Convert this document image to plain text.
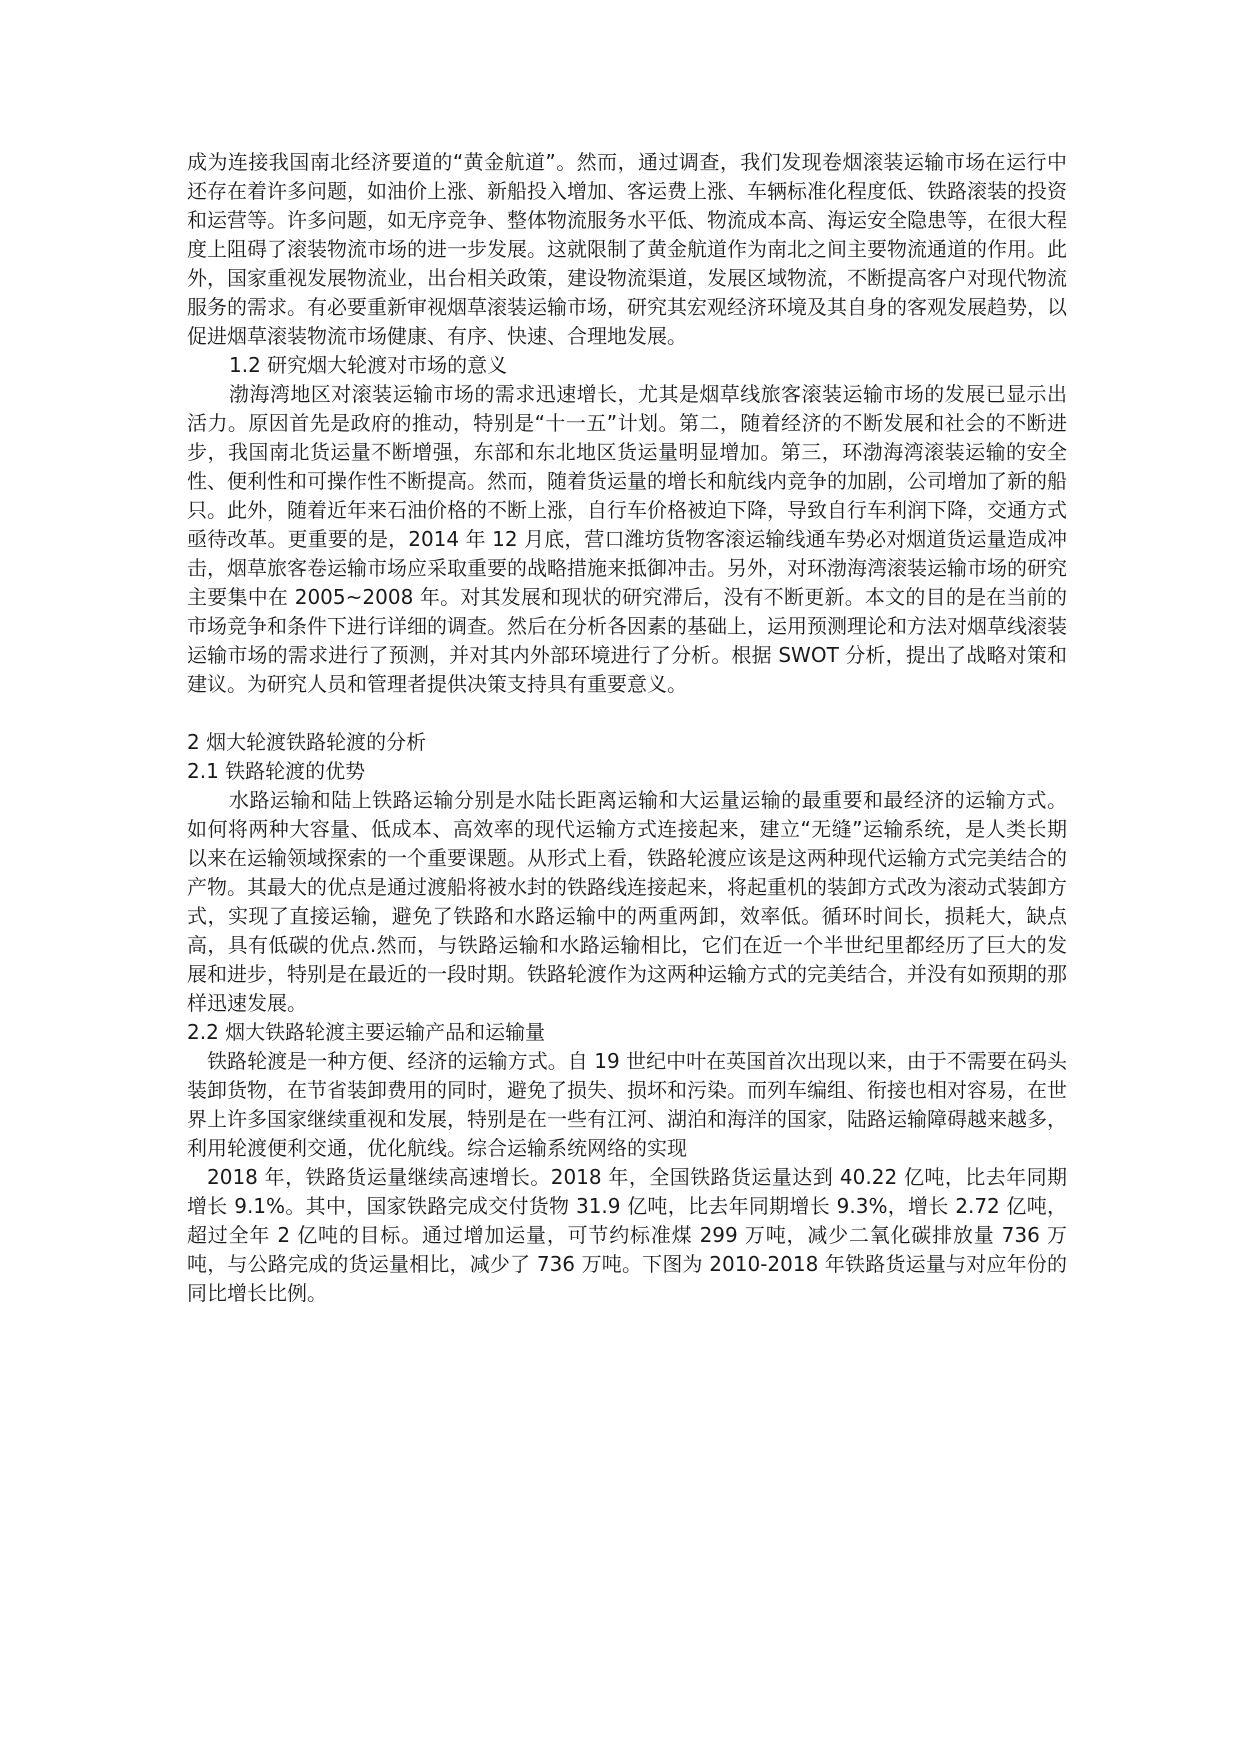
成为连接我国南北经济要道的“黄金航道”。然而，通过调查，我们发现卷烟滚装运输市场在运行中还存在着许多问题，如油价上涨、新船投入增加、客运费上涨、车辆标准化程度低、铁路滚装的投资和运营等。许多问题，如无序竞争、整体物流服务水平低、物流成本高、海运安全隐患等，在很大程度上阻碍了滚装物流市场的进一步发展。这就限制了黄金航道作为南北之间主要物流通道的作用。此外，国家重视发展物流业，出台相关政策，建设物流渠道，发展区域物流，不断提高客户对现代物流服务的需求。有必要重新审视烟草滚装运输市场，研究其宏观经济环境及其自身的客观发展趋势，以促进烟草滚装物流市场健康、有序、快速、合理地发展。

1.2 研究烟大轮渡对市场的意义

渤海湾地区对滚装运输市场的需求迅速增长，尤其是烟草线旅客滚装运输市场的发展已显示出活力。原因首先是政府的推动，特别是“十一五”计划。第二，随着经济的不断发展和社会的不断进步，我国南北货运量不断增强，东部和东北地区货运量明显增加。第三，环渤海湾滚装运输的安全性、便利性和可操作性不断提高。然而，随着货运量的增长和航线内竞争的加剧，公司增加了新的船只。此外，随着近年来石油价格的不断上涨，自行车价格被迫下降，导致自行车利润下降，交通方式亟待改革。更重要的是，2014 年 12 月底，营口潍坊货物客滚运输线通车势必对烟道货运量造成冲击，烟草旅客卷运输市场应采取重要的战略措施来抵御冲击。另外，对环渤海湾滚装运输市场的研究主要集中在 2005~2008 年。对其发展和现状的研究滞后，没有不断更新。本文的目的是在当前的市场竞争和条件下进行详细的调查。然后在分析各因素的基础上，运用预测理论和方法对烟草线滚装运输市场的需求进行了预测，并对其内外部环境进行了分析。根据 SWOT 分析，提出了战略对策和建议。为研究人员和管理者提供决策支持具有重要意义。

2 烟大轮渡铁路轮渡的分析

2.1 铁路轮渡的优势

水路运输和陆上铁路运输分别是水陆长距离运输和大运量运输的最重要和最经济的运输方式。如何将两种大容量、低成本、高效率的现代运输方式连接起来，建立“无缝”运输系统，是人类长期以来在运输领域探索的一个重要课题。从形式上看，铁路轮渡应该是这两种现代运输方式完美结合的产物。其最大的优点是通过渡船将被水封的铁路线连接起来，将起重机的装卸方式改为滚动式装卸方式，实现了直接运输，避免了铁路和水路运输中的两重两卸，效率低。循环时间长，损耗大，缺点高，具有低碳的优点.然而，与铁路运输和水路运输相比，它们在近一个半世纪里都经历了巨大的发展和进步，特别是在最近的一段时期。铁路轮渡作为这两种运输方式的完美结合，并没有如预期的那样迅速发展。

2.2 烟大铁路轮渡主要运输产品和运输量

铁路轮渡是一种方便、经济的运输方式。自 19 世纪中叶在英国首次出现以来，由于不需要在码头装卸货物，在节省装卸费用的同时，避免了损失、损坏和污染。而列车编组、衔接也相对容易，在世界上许多国家继续重视和发展，特别是在一些有江河、湖泊和海洋的国家，陆路运输障碍越来越多，利用轮渡便利交通，优化航线。综合运输系统网络的实现

2018 年，铁路货运量继续高速增长。2018 年，全国铁路货运量达到 40.22 亿吨，比去年同期增长 9.1%。其中，国家铁路完成交付货物 31.9 亿吨，比去年同期增长 9.3%，增长 2.72 亿吨，超过全年 2 亿吨的目标。通过增加运量，可节约标准煤 299 万吨，减少二氧化碳排放量 736 万吨，与公路完成的货运量相比，减少了 736 万吨。下图为 2010-2018 年铁路货运量与对应年份的同比增长比例。
